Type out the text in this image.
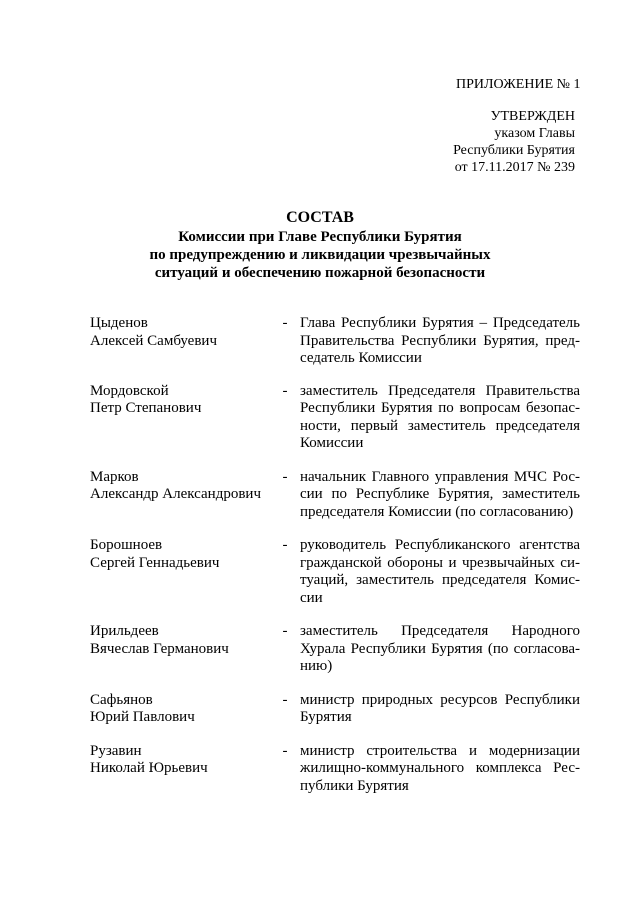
ПРИЛОЖЕНИЕ № 1
УТВЕРЖДЕН
указом Главы
Республики Бурятия
от 17.11.2017 № 239
СОСТАВ
Комиссии при Главе Республики Бурятия
по предупреждению и ликвидации чрезвычайных
ситуаций и обеспечению пожарной безопасности
Цыденов
Алексей Самбуевич
- Глава Республики Бурятия – Председатель Правительства Республики Бурятия, председатель Комиссии
Мордовской
Петр Степанович
- заместитель Председателя Правительства Республики Бурятия по вопросам безопасности, первый заместитель председателя Комиссии
Марков
Александр Александрович
- начальник Главного управления МЧС России по Республике Бурятия, заместитель председателя Комиссии (по согласованию)
Борошноев
Сергей Геннадьевич
- руководитель Республиканского агентства гражданской обороны и чрезвычайных ситуаций, заместитель председателя Комиссии
Ирильдеев
Вячеслав Германович
- заместитель Председателя Народного Хурала Республики Бурятия (по согласованию)
Сафьянов
Юрий Павлович
- министр природных ресурсов Республики Бурятия
Рузавин
Николай Юрьевич
- министр строительства и модернизации жилищно-коммунального комплекса Республики Бурятия
